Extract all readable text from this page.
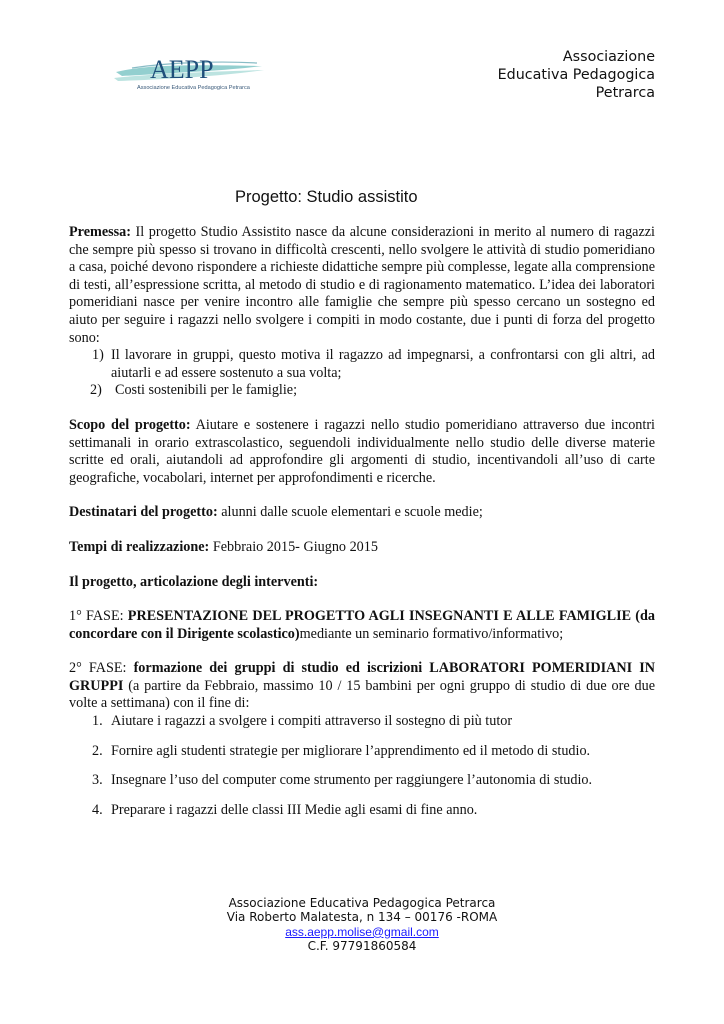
AEPP
Associazione Educativa Pedagogica Petrarca
Associazione
Educativa Pedagogica
Petrarca
Progetto: Studio assistito

Premessa: Il progetto Studio Assistito nasce da alcune considerazioni in merito al numero di ragazzi che sempre più spesso si trovano in difficoltà crescenti, nello svolgere le attività di studio pomeridiano a casa, poiché devono rispondere a richieste didattiche sempre più complesse, legate alla comprensione di testi, all’espressione scritta, al metodo di studio e di ragionamento matematico. L’idea dei laboratori pomeridiani nasce per venire incontro alle famiglie che sempre più spesso cercano un sostegno ed aiuto per seguire i ragazzi nello svolgere i compiti in modo costante, due i punti di forza del progetto sono:

1) Il lavorare in gruppi, questo motiva il ragazzo ad impegnarsi, a confrontarsi con gli altri, ad aiutarli e ad essere sostenuto a sua volta;

2) Costi sostenibili per le famiglie;

Scopo del progetto: Aiutare e sostenere i ragazzi nello studio pomeridiano attraverso due incontri settimanali in orario extrascolastico, seguendoli individualmente nello studio delle diverse materie scritte ed orali, aiutandoli ad approfondire gli argomenti di studio, incentivandoli all’uso di carte geografiche, vocabolari, internet per approfondimenti e ricerche.

Destinatari del progetto: alunni dalle scuole elementari e scuole medie;

Tempi di realizzazione: Febbraio 2015- Giugno 2015

Il progetto, articolazione degli interventi:

1° FASE: PRESENTAZIONE DEL PROGETTO AGLI INSEGNANTI E ALLE FAMIGLIE (da concordare con il Dirigente scolastico)mediante un seminario formativo/informativo;

2° FASE: formazione dei gruppi di studio ed iscrizioni LABORATORI POMERIDIANI IN GRUPPI (a partire da Febbraio, massimo 10 / 15 bambini per ogni gruppo di studio di due ore due volte a settimana) con il fine di:

1. Aiutare i ragazzi a svolgere i compiti attraverso il sostegno di più tutor

2. Fornire agli studenti strategie per migliorare l’apprendimento ed il metodo di studio.

3. Insegnare l’uso del computer come strumento per raggiungere l’autonomia di studio.

4. Preparare i ragazzi delle classi III Medie agli esami di fine anno.

Associazione Educativa Pedagogica Petrarca
Via Roberto Malatesta, n 134 – 00176 -ROMA
ass.aepp.molise@gmail.com
C.F. 97791860584
